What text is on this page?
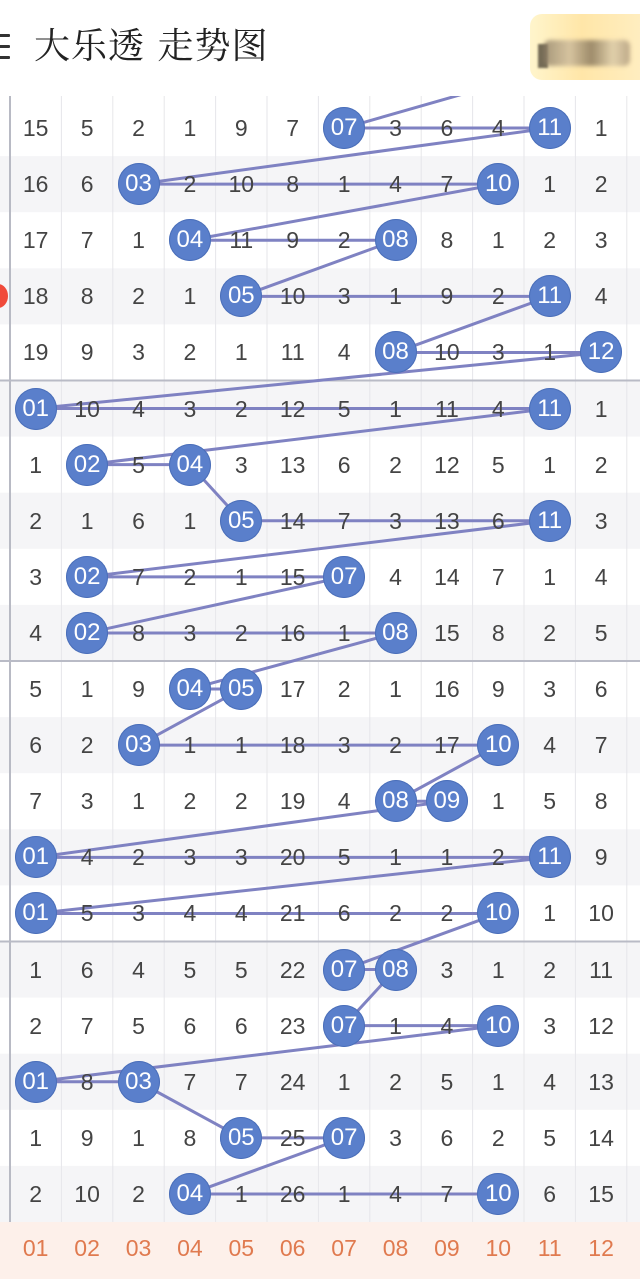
大乐透 走势图
15	5	2	1	9	7	07	3	6	4	11	1
16	6	03	2	10	8	1	4	7	10	1	2
17	7	1	04	11	9	2	08	8	1	2	3
18	8	2	1	05	10	3	1	9	2	11	4
19	9	3	2	1	11	4	08	10	3	1	12
01	10	4	3	2	12	5	1	11	4	11	1
1	02	5	04	3	13	6	2	12	5	1	2
2	1	6	1	05	14	7	3	13	6	11	3
3	02	7	2	1	15	07	4	14	7	1	4
4	02	8	3	2	16	1	08	15	8	2	5
5	1	9	04	05	17	2	1	16	9	3	6
6	2	03	1	1	18	3	2	17	10	4	7
7	3	1	2	2	19	4	08	09	1	5	8
01	4	2	3	3	20	5	1	1	2	11	9
01	5	3	4	4	21	6	2	2	10	1	10
1	6	4	5	5	22	07	08	3	1	2	11
2	7	5	6	6	23	07	1	4	10	3	12
01	8	03	7	7	24	1	2	5	1	4	13
1	9	1	8	05	25	07	3	6	2	5	14
2	10	2	04	1	26	1	4	7	10	6	15
01	02	03	04	05	06	07	08	09	10	11	12
